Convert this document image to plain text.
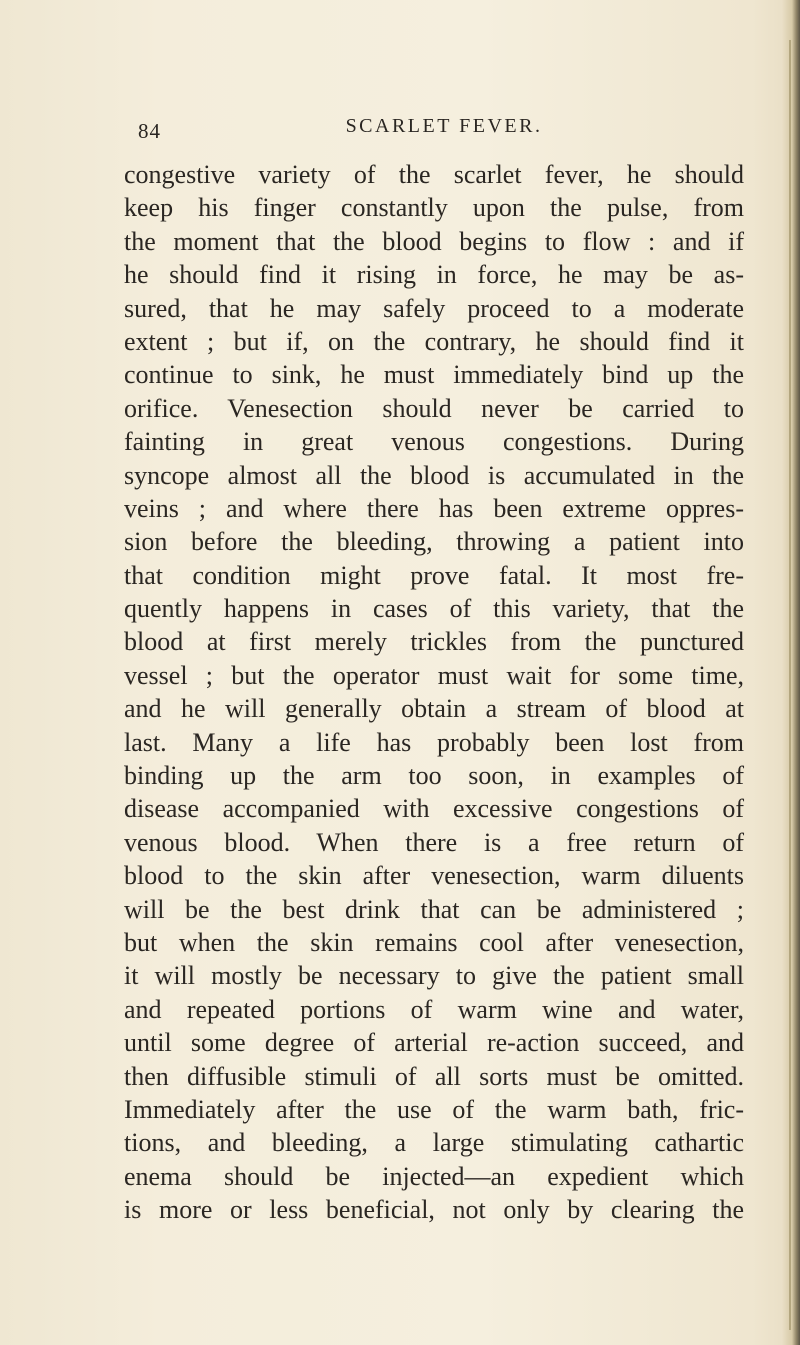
84	SCARLET FEVER.
congestive variety of the scarlet fever, he should
keep his finger constantly upon the pulse, from
the moment that the blood begins to flow : and if
he should find it rising in force, he may be as-
sured, that he may safely proceed to a moderate
extent ; but if, on the contrary, he should find it
continue to sink, he must immediately bind up the
orifice. Venesection should never be carried to
fainting in great venous congestions. During
syncope almost all the blood is accumulated in the
veins ; and where there has been extreme oppres-
sion before the bleeding, throwing a patient into
that condition might prove fatal. It most fre-
quently happens in cases of this variety, that the
blood at first merely trickles from the punctured
vessel ; but the operator must wait for some time,
and he will generally obtain a stream of blood at
last. Many a life has probably been lost from
binding up the arm too soon, in examples of
disease accompanied with excessive congestions of
venous blood. When there is a free return of
blood to the skin after venesection, warm diluents
will be the best drink that can be administered ;
but when the skin remains cool after venesection,
it will mostly be necessary to give the patient small
and repeated portions of warm wine and water,
until some degree of arterial re-action succeed, and
then diffusible stimuli of all sorts must be omitted.
Immediately after the use of the warm bath, fric-
tions, and bleeding, a large stimulating cathartic
enema should be injected—an expedient which
is more or less beneficial, not only by clearing the
